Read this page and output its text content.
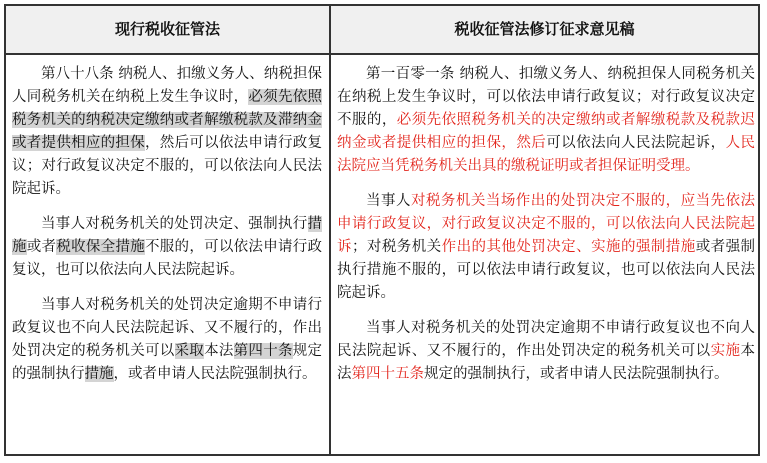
现行税收征管法	税收征管法修订征求意见稿

第八十八条 纳税人、扣缴义务人、纳税担保人同税务机关在纳税上发生争议时，必须先依照税务机关的纳税决定缴纳或者解缴税款及滞纳金或者提供相应的担保，然后可以依法申请行政复议；对行政复议决定不服的，可以依法向人民法院起诉。

当事人对税务机关的处罚决定、强制执行措施或者税收保全措施不服的，可以依法申请行政复议，也可以依法向人民法院起诉。

当事人对税务机关的处罚决定逾期不申请行政复议也不向人民法院起诉、又不履行的，作出处罚决定的税务机关可以采取本法第四十条规定的强制执行措施，或者申请人民法院强制执行。

第一百零一条 纳税人、扣缴义务人、纳税担保人同税务机关在纳税上发生争议时，可以依法申请行政复议；对行政复议决定不服的，必须先依照税务机关的决定缴纳或者解缴税款及税款迟纳金或者提供相应的担保，然后可以依法向人民法院起诉，人民法院应当凭税务机关出具的缴税证明或者担保证明受理。

当事人对税务机关当场作出的处罚决定不服的，应当先依法申请行政复议，对行政复议决定不服的，可以依法向人民法院起诉；对税务机关作出的其他处罚决定、实施的强制措施或者强制执行措施不服的，可以依法申请行政复议，也可以依法向人民法院起诉。

当事人对税务机关的处罚决定逾期不申请行政复议也不向人民法院起诉、又不履行的，作出处罚决定的税务机关可以实施本法第四十五条规定的强制执行，或者申请人民法院强制执行。
